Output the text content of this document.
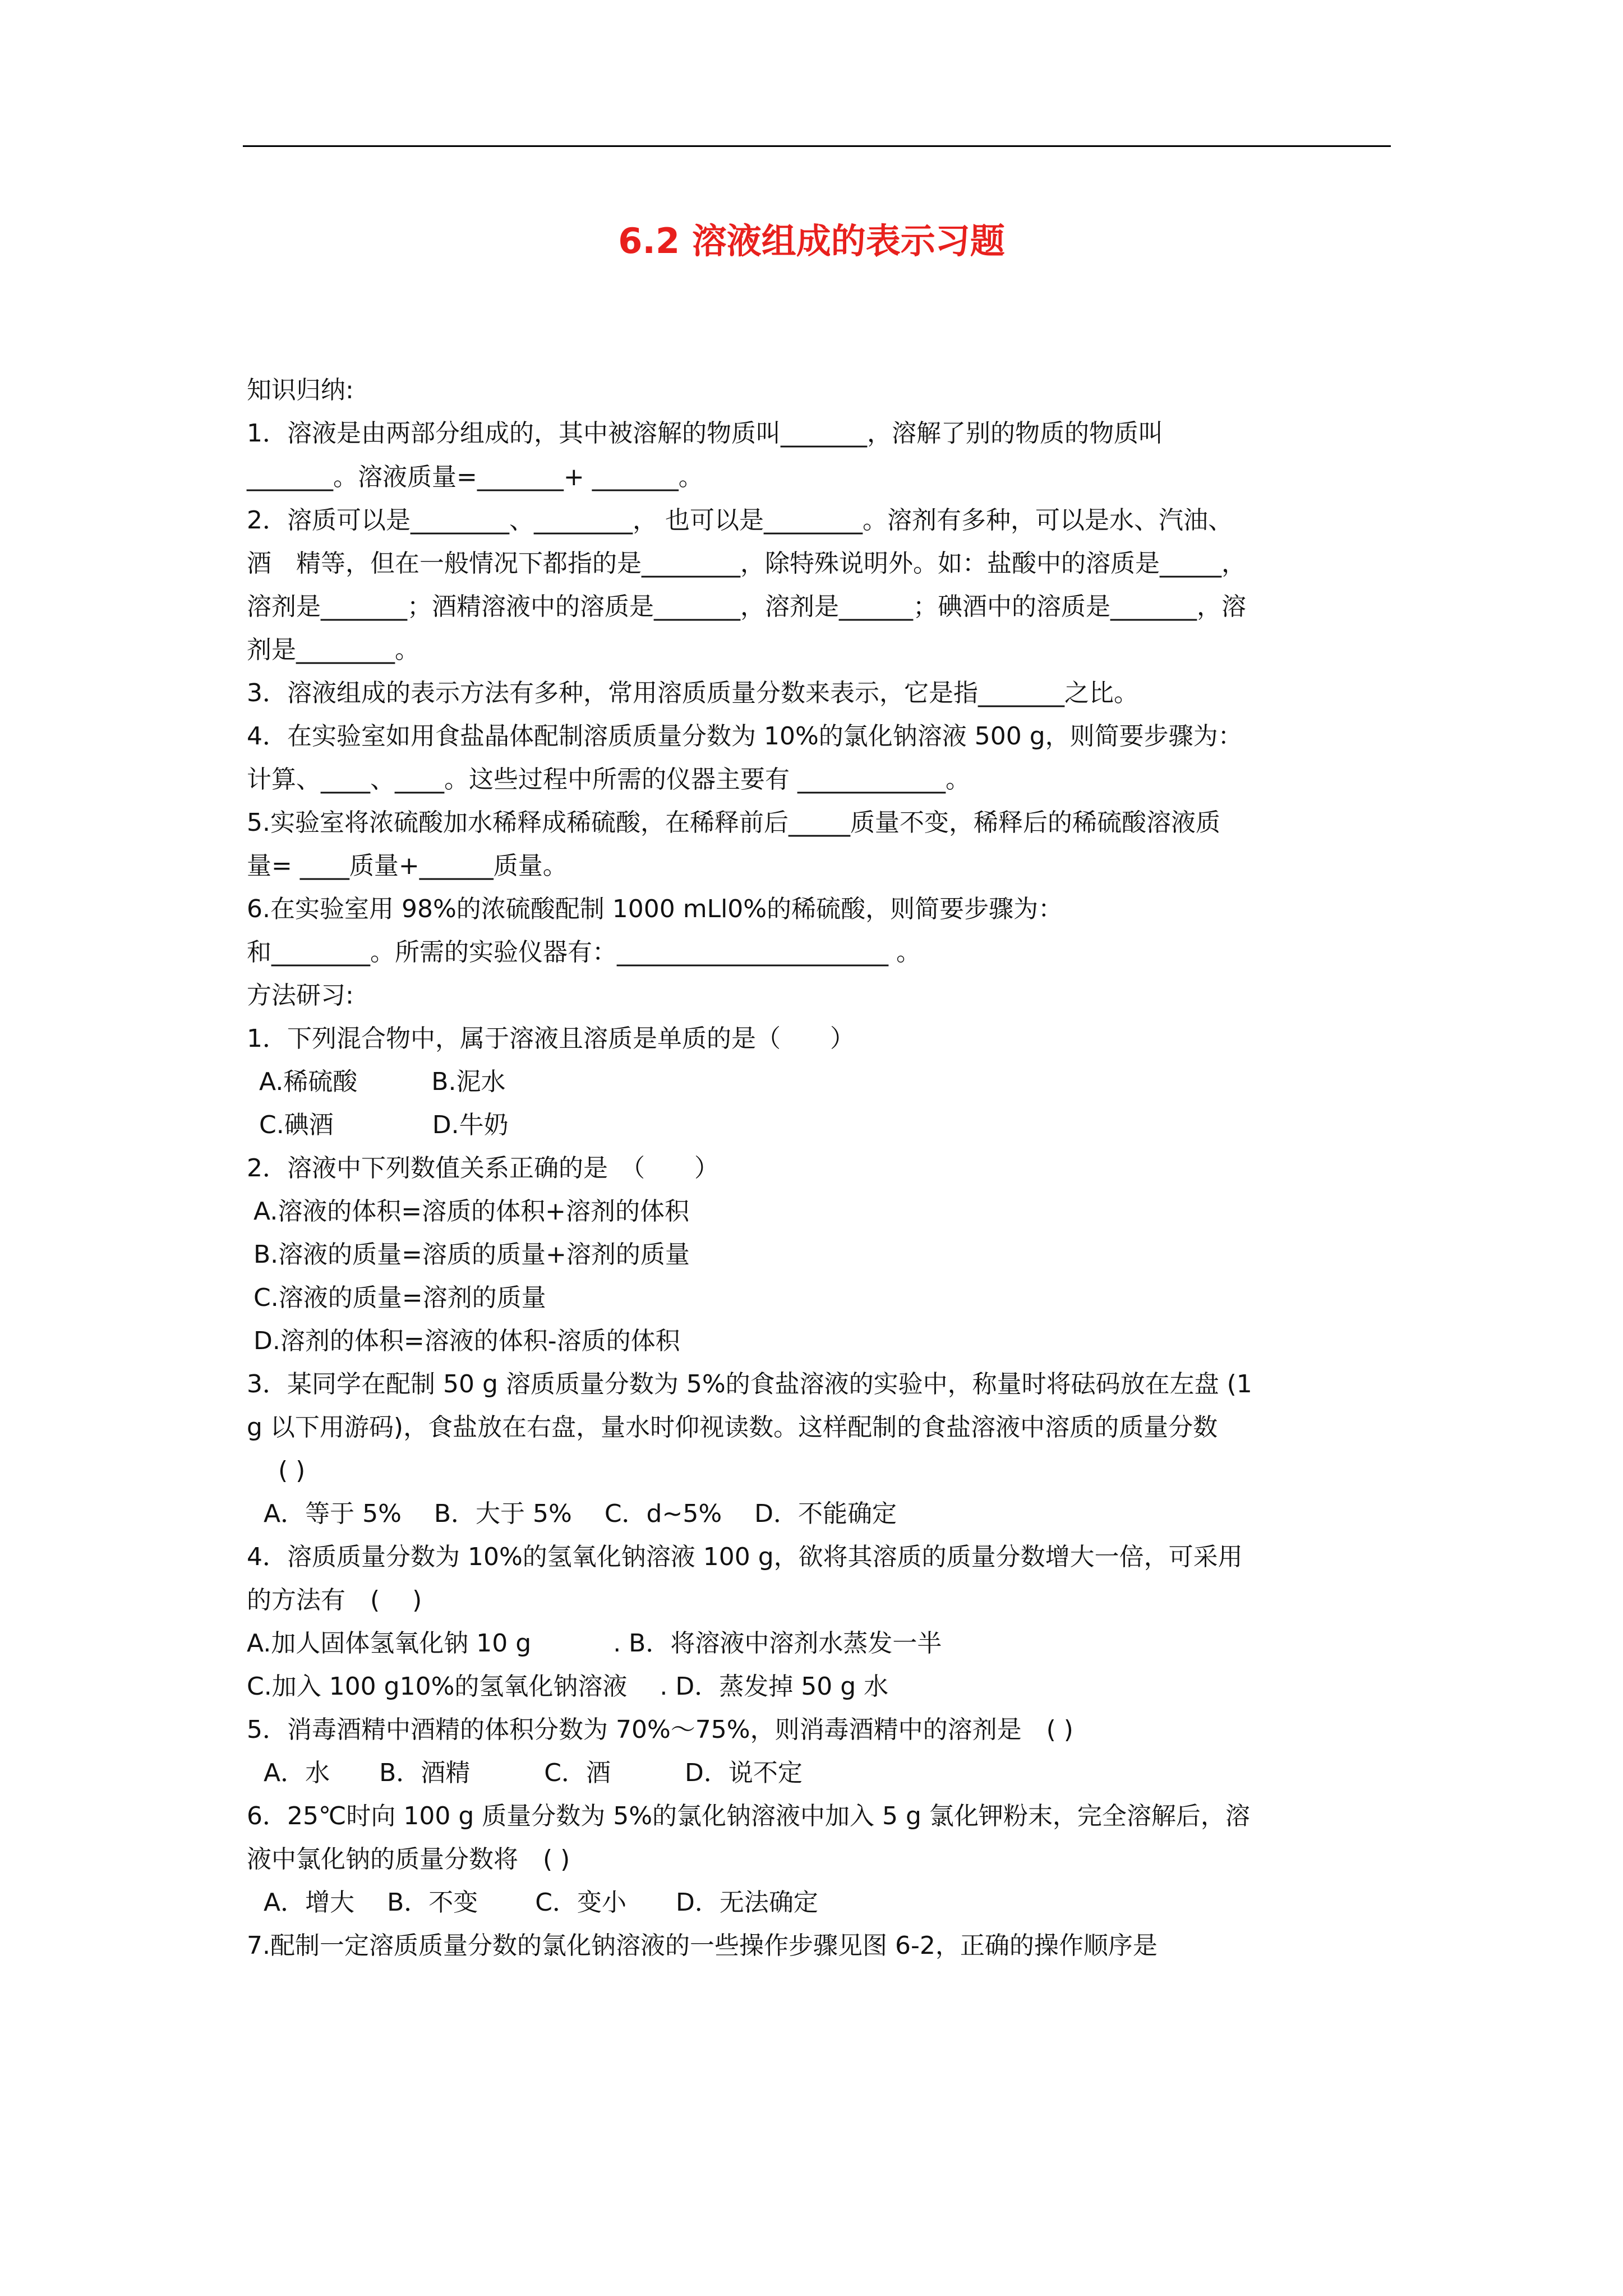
6.2 溶液组成的表示习题
知识归纳:
1．溶液是由两部分组成的，其中被溶解的物质叫_______，溶解了别的物质的物质叫
_______。溶液质量=_______+ _______。
2．溶质可以是________、________， 也可以是________。溶剂有多种，可以是水、汽油、
酒　精等，但在一般情况下都指的是________，除特殊说明外。如：盐酸中的溶质是_____，
溶剂是_______；酒精溶液中的溶质是_______，溶剂是______；碘酒中的溶质是_______，溶
剂是________。
3．溶液组成的表示方法有多种，常用溶质质量分数来表示，它是指_______之比。
4．在实验室如用食盐晶体配制溶质质量分数为 10%的氯化钠溶液 500 g，则简要步骤为：
计算、____、____。这些过程中所需的仪器主要有 ____________。
5.实验室将浓硫酸加水稀释成稀硫酸，在稀释前后_____质量不变，稀释后的稀硫酸溶液质
量= ____质量+______质量。
6.在实验室用 98%的浓硫酸配制 1000 mLl0%的稀硫酸，则简要步骤为：
和________。所需的实验仪器有：______________________ 。
方法研习:
1．下列混合物中，属于溶液且溶质是单质的是（　　）
A.稀硫酸　　　B.泥水
C.碘酒　　　　D.牛奶
2．溶液中下列数值关系正确的是　（　　）
A.溶液的体积=溶质的体积+溶剂的体积
B.溶液的质量=溶质的质量+溶剂的质量
C.溶液的质量=溶剂的质量
D.溶剂的体积=溶液的体积-溶质的体积
3．某同学在配制 50 g 溶质质量分数为 5%的食盐溶液的实验中，称量时将砝码放在左盘 (1
g 以下用游码)，食盐放在右盘，量水时仰视读数。这样配制的食盐溶液中溶质的质量分数
( )
A．等于 5%　 B．大于 5%　 C．d~5%　 D．不能确定
4．溶质质量分数为 10%的氢氧化钠溶液 100 g，欲将其溶质的质量分数增大一倍，可采用
的方法有　(　 )
A.加人固体氢氧化钠 10 g　　　 . B．将溶液中溶剂水蒸发一半
C.加入 100 g10%的氢氧化钠溶液　 . D．蒸发掉 50 g 水
5．消毒酒精中酒精的体积分数为 70%～75%，则消毒酒精中的溶剂是　( )
A．水　　B．酒精　　　C．酒　　　D．说不定
6．25℃时向 100 g 质量分数为 5%的氯化钠溶液中加入 5 g 氯化钾粉末，完全溶解后，溶
液中氯化钠的质量分数将　( )
A．增大　 B．不变　　 C．变小　　D．无法确定
7.配制一定溶质质量分数的氯化钠溶液的一些操作步骤见图 6-2，正确的操作顺序是
